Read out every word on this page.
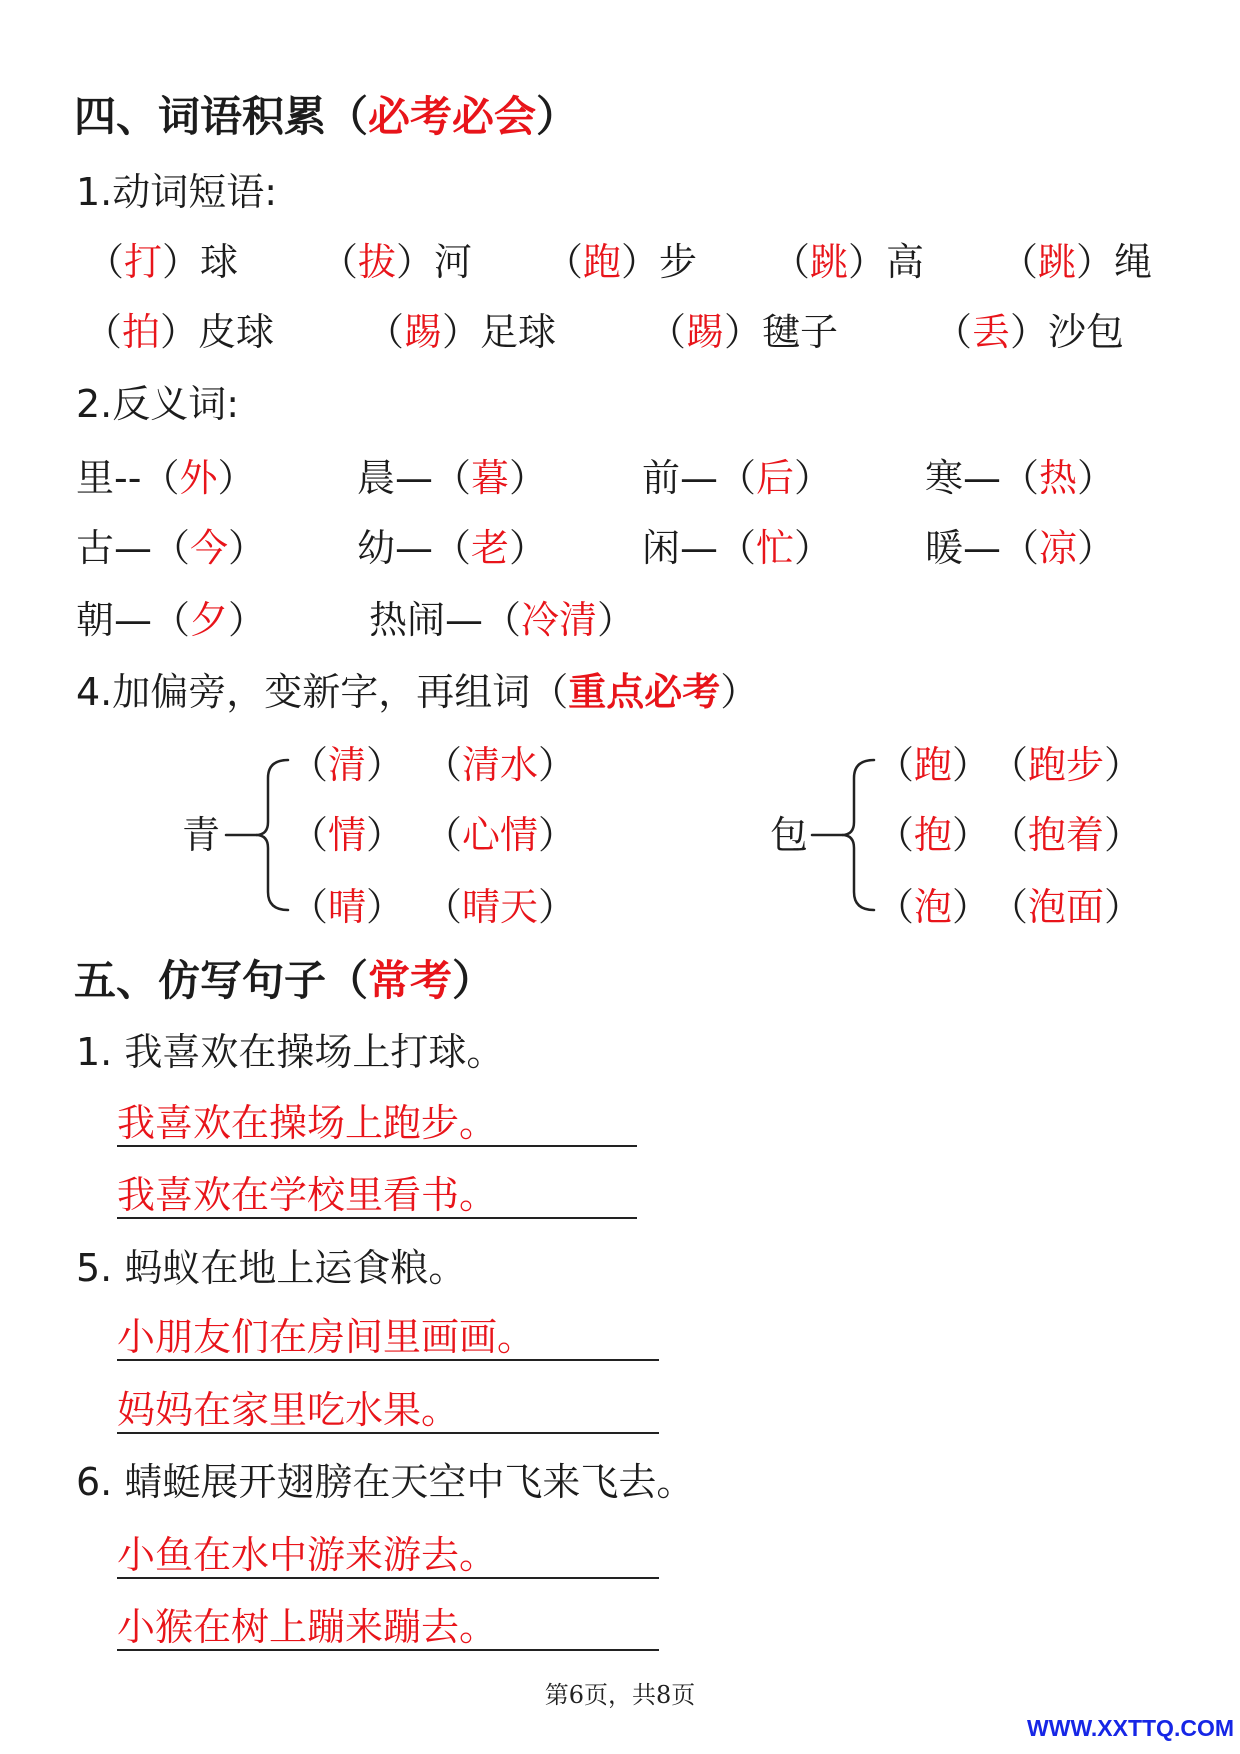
四、词语积累（必考必会）
1.动词短语:
（打）球 （拔）河 （跑）步 （跳）高 （跳）绳
（拍）皮球 （踢）足球 （踢）毽子	（丢）沙包
2.反义词:
里--（外）	晨—（暮） 前—（后） 寒—（热）
古—（今） 幼—（老） 闲—（忙） 暖—（凉）
朝—（夕）	热闹—（冷清）
4.加偏旁，变新字，再组词（重点必考）
青
（清） （清水）
（情） （心情）
（晴） （晴天）
包
（跑） （跑步）
（抱） （抱着）
（泡） （泡面）
五、仿写句子（常考）
1. 我喜欢在操场上打球。
我喜欢在操场上跑步。
我喜欢在学校里看书。
5. 蚂蚁在地上运食粮。
小朋友们在房间里画画。
妈妈在家里吃水果。
6. 蜻蜓展开翅膀在天空中飞来飞去。
小鱼在水中游来游去。
小猴在树上蹦来蹦去。
第6页，共8页
WWW.XXTTQ.COM
